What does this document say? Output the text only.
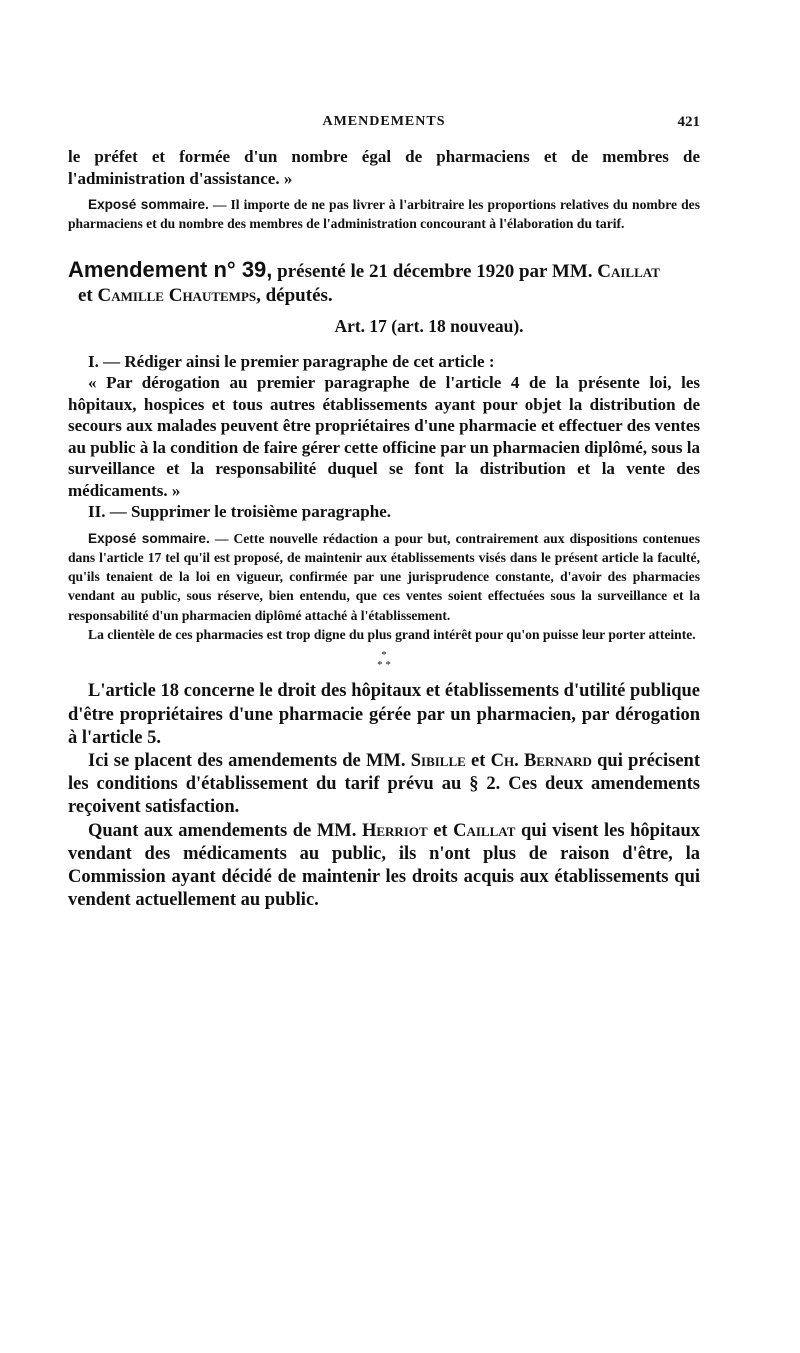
AMENDEMENTS	421

le préfet et formée d'un nombre égal de pharmaciens et de membres de l'administration d'assistance. »

Exposé sommaire. — Il importe de ne pas livrer à l'arbitraire les proportions relatives du nombre des pharmaciens et du nombre des membres de l'administration concourant à l'élaboration du tarif.

Amendement n° 39, présenté le 21 décembre 1920 par MM. Caillat

et Camille Chautemps, députés.

Art. 17 (art. 18 nouveau).

I. — Rédiger ainsi le premier paragraphe de cet article :

« Par dérogation au premier paragraphe de l'article 4 de la présente loi, les hôpitaux, hospices et tous autres établissements ayant pour objet la distribution de secours aux malades peuvent être propriétaires d'une pharmacie et effectuer des ventes au public à la condition de faire gérer cette officine par un pharmacien diplômé, sous la surveillance et la responsabilité duquel se font la distribution et la vente des médicaments. »

II. — Supprimer le troisième paragraphe.

Exposé sommaire. — Cette nouvelle rédaction a pour but, contrairement aux dispositions contenues dans l'article 17 tel qu'il est proposé, de maintenir aux établissements visés dans le présent article la faculté, qu'ils tenaient de la loi en vigueur, confirmée par une jurisprudence constante, d'avoir des pharmacies vendant au public, sous réserve, bien entendu, que ces ventes soient effectuées sous la surveillance et la responsabilité d'un pharmacien diplômé attaché à l'établissement.

La clientèle de ces pharmacies est trop digne du plus grand intérêt pour qu'on puisse leur porter atteinte.

*
* *

L'article 18 concerne le droit des hôpitaux et établissements d'utilité publique d'être propriétaires d'une pharmacie gérée par un pharmacien, par dérogation à l'article 5.

Ici se placent des amendements de MM. Sibille et Ch. Bernard qui précisent les conditions d'établissement du tarif prévu au § 2. Ces deux amendements reçoivent satisfaction.

Quant aux amendements de MM. Herriot et Caillat qui visent les hôpitaux vendant des médicaments au public, ils n'ont plus de raison d'être, la Commission ayant décidé de maintenir les droits acquis aux établissements qui vendent actuellement au public.
